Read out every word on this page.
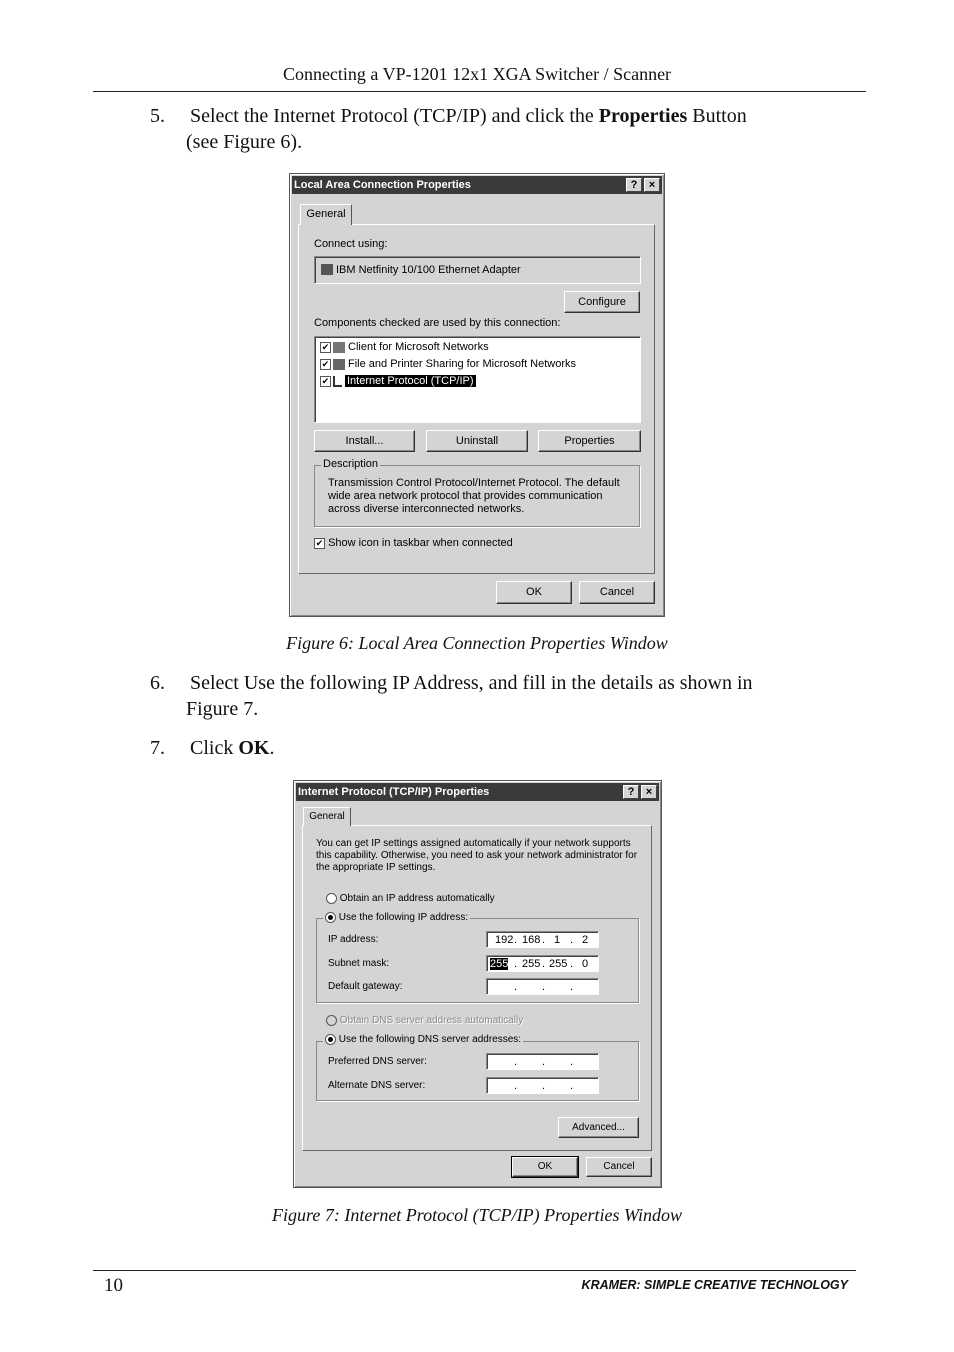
Connecting a VP-1201 12x1 XGA Switcher / Scanner
5. Select the Internet Protocol (TCP/IP) and click the Properties Button
(see Figure 6).
Local Area Connection Properties	?	×
General
Connect using:
IBM Netfinity 10/100 Ethernet Adapter
Configure
Components checked are used by this connection:
✔ Client for Microsoft Networks
✔ File and Printer Sharing for Microsoft Networks
✔ Internet Protocol (TCP/IP)
Install...	Uninstall	Properties
Description
Transmission Control Protocol/Internet Protocol. The default
wide area network protocol that provides communication
across diverse interconnected networks.
✔ Show icon in taskbar when connected
OK	Cancel
Figure 6: Local Area Connection Properties Window
6. Select Use the following IP Address, and fill in the details as shown in
Figure 7.
7. Click OK.
Internet Protocol (TCP/IP) Properties	?	×
General
You can get IP settings assigned automatically if your network supports
this capability. Otherwise, you need to ask your network administrator for
the appropriate IP settings.
Obtain an IP address automatically
Use the following IP address:
IP address:	192 . 168 . 1 . 2
Subnet mask:	255 . 255 . 255 . 0
Default gateway:	. . .
Obtain DNS server address automatically
Use the following DNS server addresses:
Preferred DNS server:	. . .
Alternate DNS server:	. . .
Advanced...
OK	Cancel
Figure 7: Internet Protocol (TCP/IP) Properties Window
10	KRAMER: SIMPLE CREATIVE TECHNOLOGY
